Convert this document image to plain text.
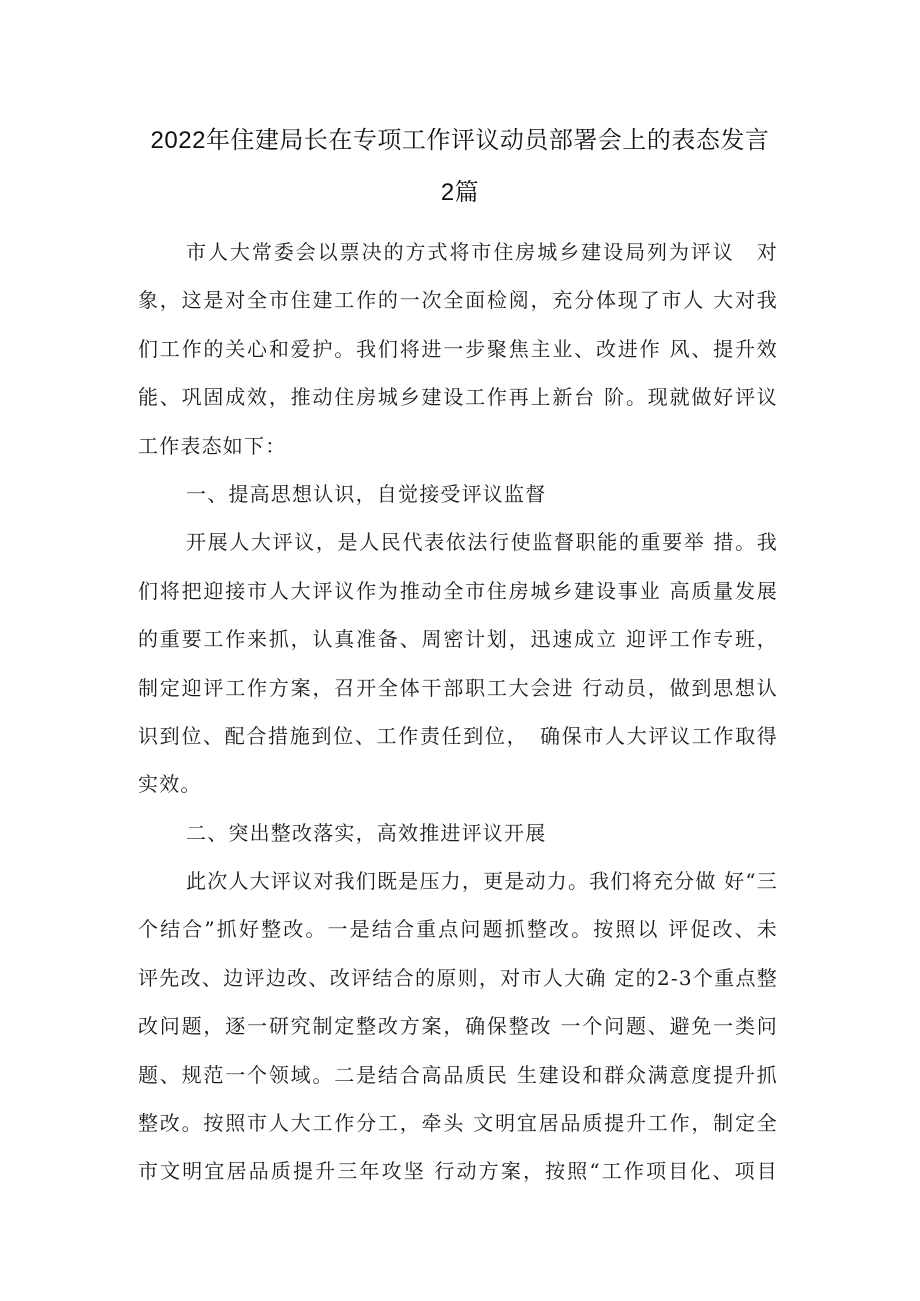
2022年住建局长在专项工作评议动员部署会上的表态发言
2篇
市人大常委会以票决的方式将市住房城乡建设局列为评议　对
象，这是对全市住建工作的一次全面检阅，充分体现了市人 大对我
们工作的关心和爱护。我们将进一步聚焦主业、改进作 风、提升效
能、巩固成效，推动住房城乡建设工作再上新台 阶。现就做好评议
工作表态如下：
一、提高思想认识，自觉接受评议监督
开展人大评议，是人民代表依法行使监督职能的重要举 措。我
们将把迎接市人大评议作为推动全市住房城乡建设事业 高质量发展
的重要工作来抓，认真准备、周密计划，迅速成立 迎评工作专班，
制定迎评工作方案，召开全体干部职工大会进 行动员，做到思想认
识到位、配合措施到位、工作责任到位，　确保市人大评议工作取得
实效。
二、突出整改落实，高效推进评议开展
此次人大评议对我们既是压力，更是动力。我们将充分做 好“三
个结合”抓好整改。一是结合重点问题抓整改。按照以 评促改、未
评先改、边评边改、改评结合的原则，对市人大确 定的2-3个重点整
改问题，逐一研究制定整改方案，确保整改 一个问题、避免一类问
题、规范一个领域。二是结合高品质民 生建设和群众满意度提升抓
整改。按照市人大工作分工，牵头 文明宜居品质提升工作，制定全
市文明宜居品质提升三年攻坚 行动方案，按照“工作项目化、项目
